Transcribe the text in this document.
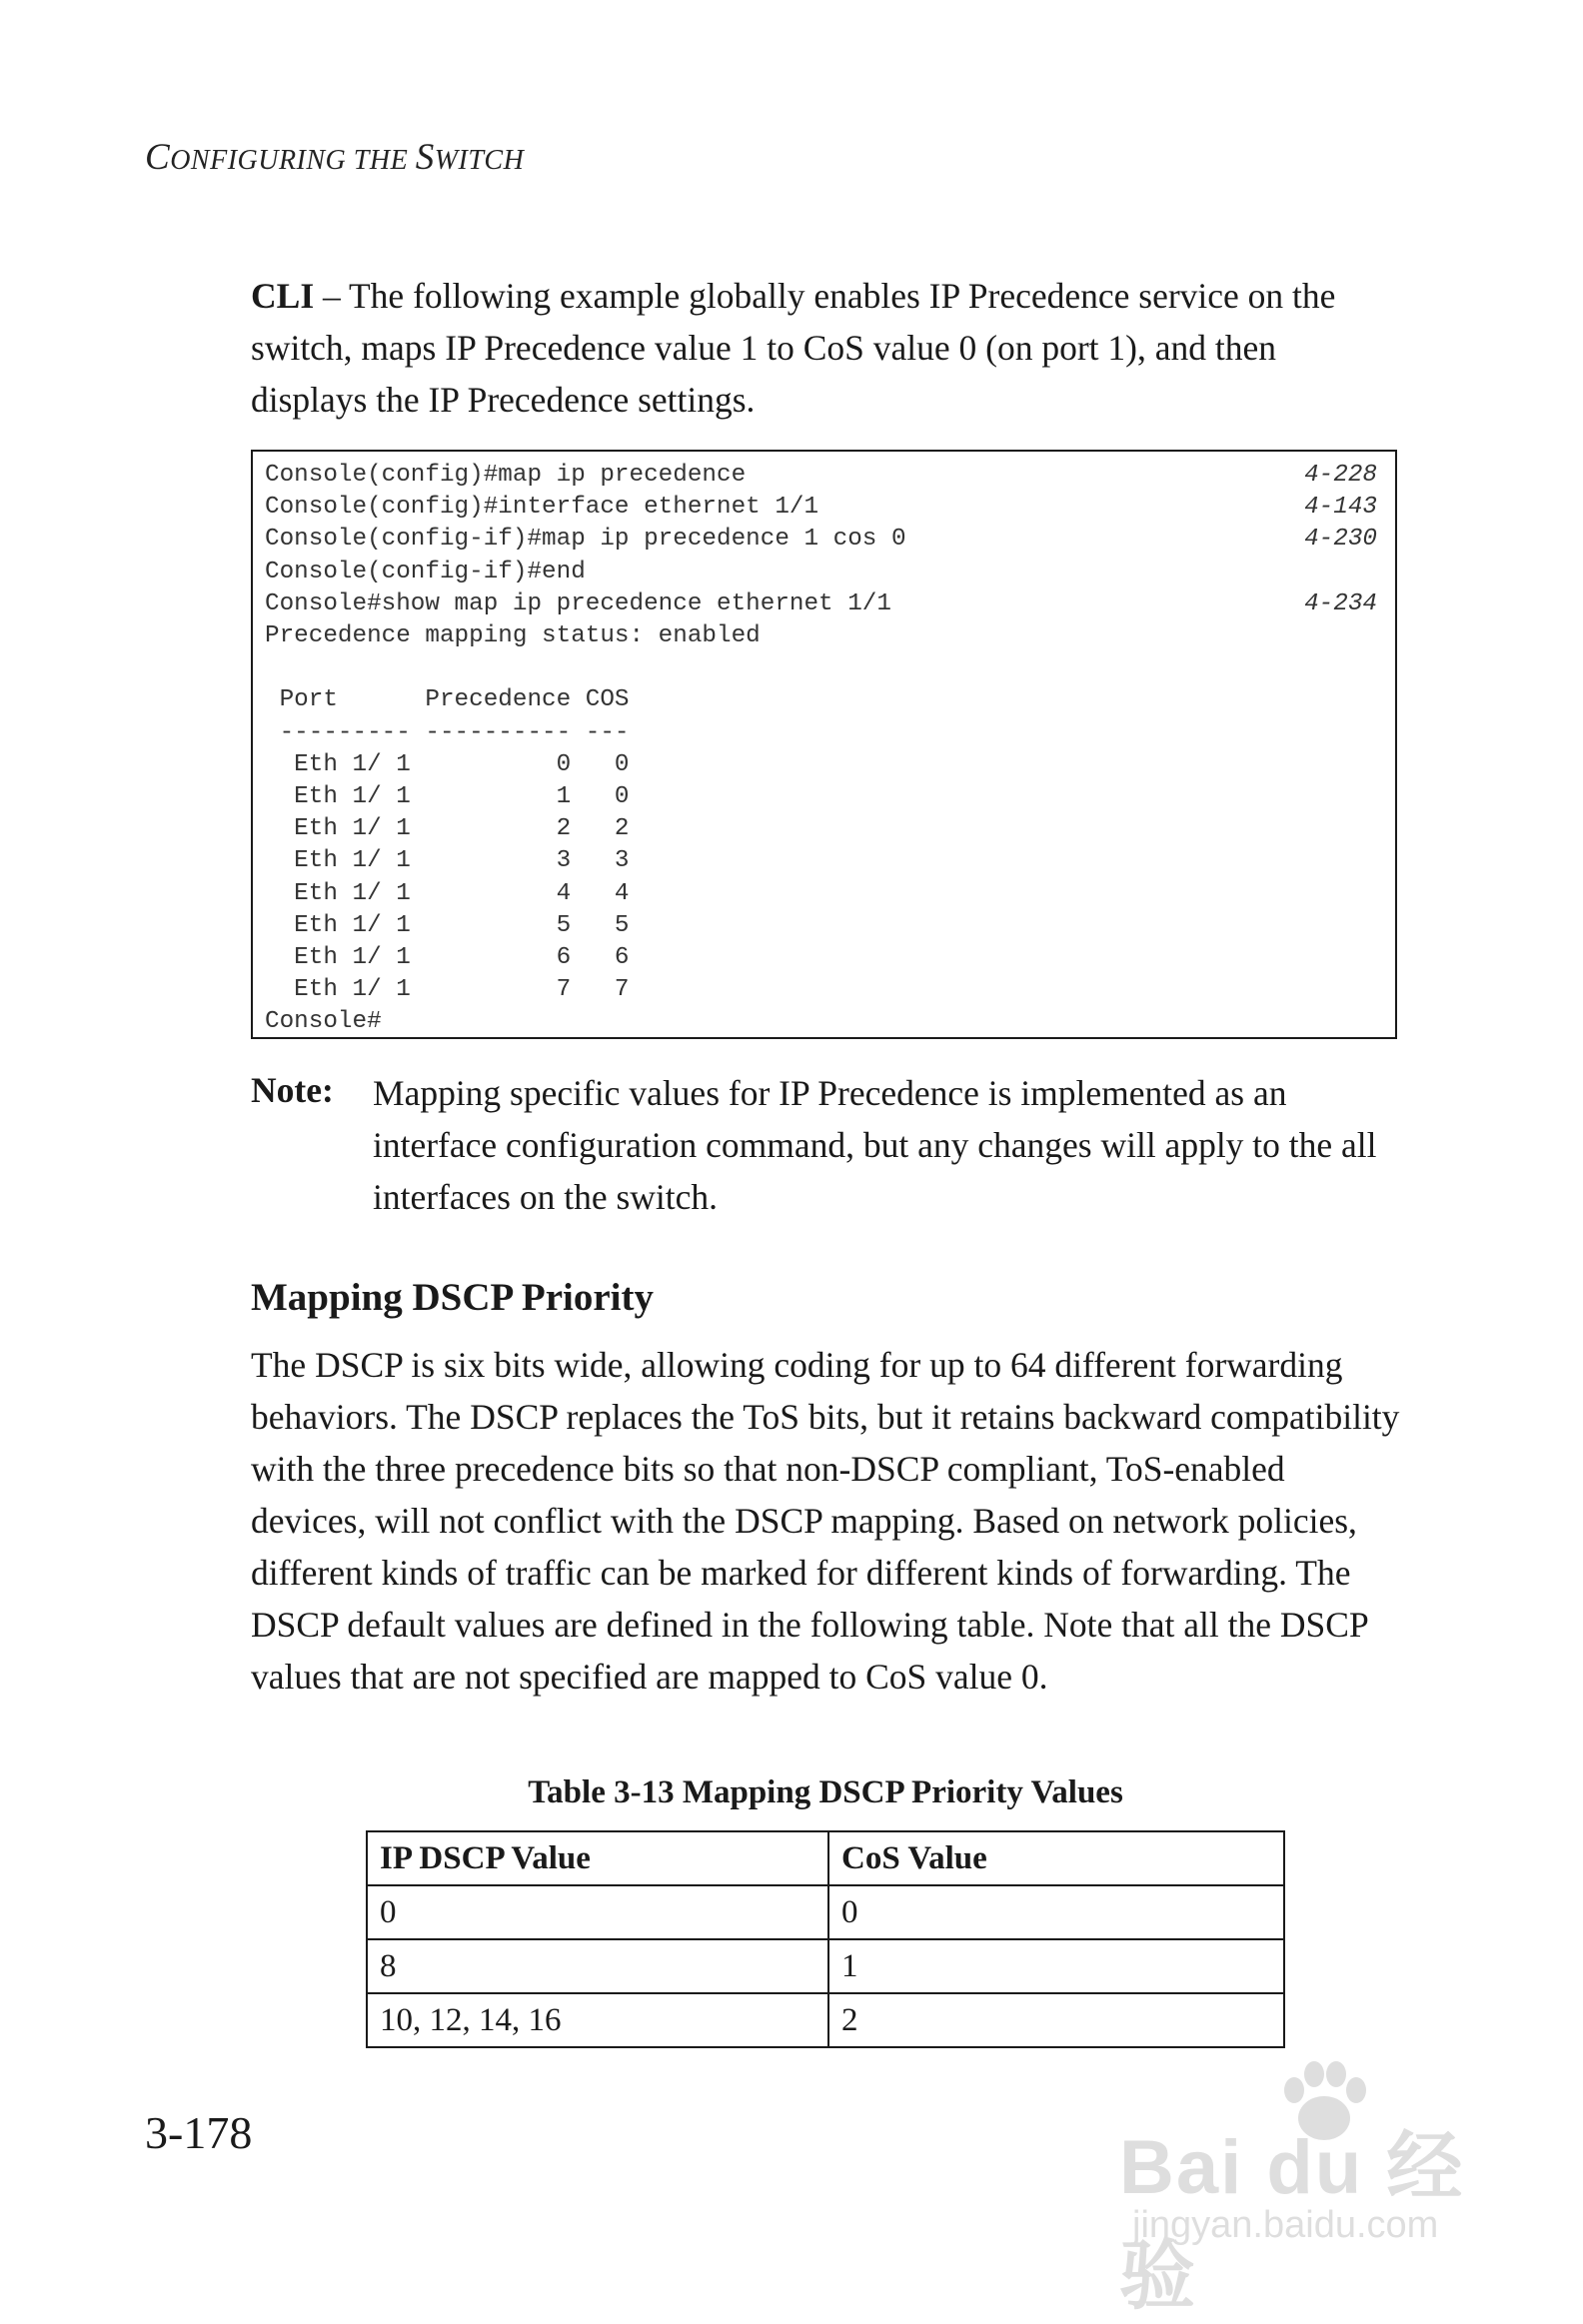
CONFIGURING THE SWITCH
CLI – The following example globally enables IP Precedence service on the switch, maps IP Precedence value 1 to CoS value 0 (on port 1), and then displays the IP Precedence settings.
Console(config)#map ip precedence	4-228
Console(config)#interface ethernet 1/1	4-143
Console(config-if)#map ip precedence 1 cos 0	4-230
Console(config-if)#end
Console#show map ip precedence ethernet 1/1	4-234
Precedence mapping status: enabled
Port      Precedence COS
--------- ---------- ---
Eth 1/ 1          0   0
Eth 1/ 1          1   0
Eth 1/ 1          2   2
Eth 1/ 1          3   3
Eth 1/ 1          4   4
Eth 1/ 1          5   5
Eth 1/ 1          6   6
Eth 1/ 1          7   7
Console#
Note: Mapping specific values for IP Precedence is implemented as an interface configuration command, but any changes will apply to the all interfaces on the switch.
Mapping DSCP Priority
The DSCP is six bits wide, allowing coding for up to 64 different forwarding behaviors. The DSCP replaces the ToS bits, but it retains backward compatibility with the three precedence bits so that non-DSCP compliant, ToS-enabled devices, will not conflict with the DSCP mapping. Based on network policies, different kinds of traffic can be marked for different kinds of forwarding. The DSCP default values are defined in the following table. Note that all the DSCP values that are not specified are mapped to CoS value 0.
Table 3-13 Mapping DSCP Priority Values
IP DSCP Value	CoS Value
0	0
8	1
10, 12, 14, 16	2
3-178	Bai du 经验
jingyan.baidu.com
